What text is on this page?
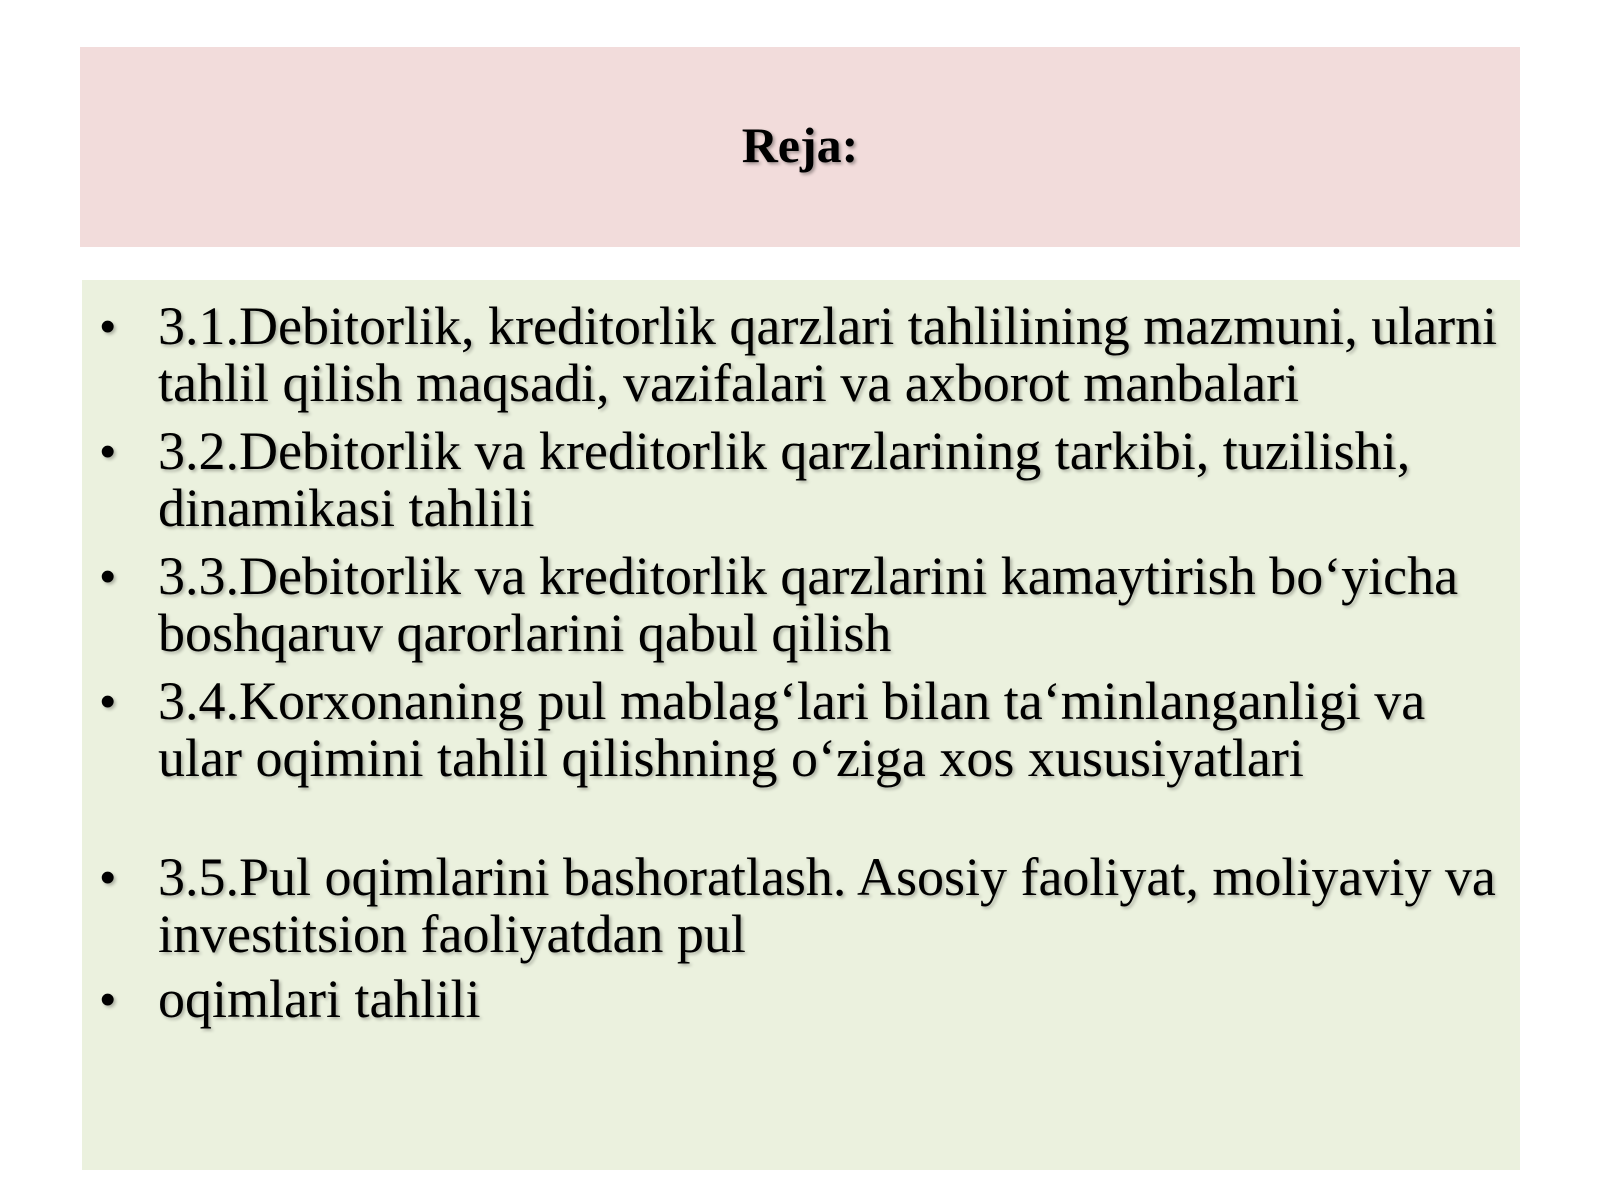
Reja:
• 3.1.Debitorlik, kreditorlik qarzlari tahlilining mazmuni, ularni tahlil qilish maqsadi, vazifalari va axborot manbalari
• 3.2.Debitorlik va kreditorlik qarzlarining tarkibi, tuzilishi, dinamikasi tahlili
• 3.3.Debitorlik va kreditorlik qarzlarini kamaytirish bo‘yicha boshqaruv qarorlarini qabul qilish
• 3.4.Korxonaning pul mablag‘lari bilan ta‘minlanganligi va ular oqimini tahlil qilishning o‘ziga xos xususiyatlari
• 3.5.Pul oqimlarini bashoratlash. Asosiy faoliyat, moliyaviy va investitsion faoliyatdan pul
• oqimlari tahlili
